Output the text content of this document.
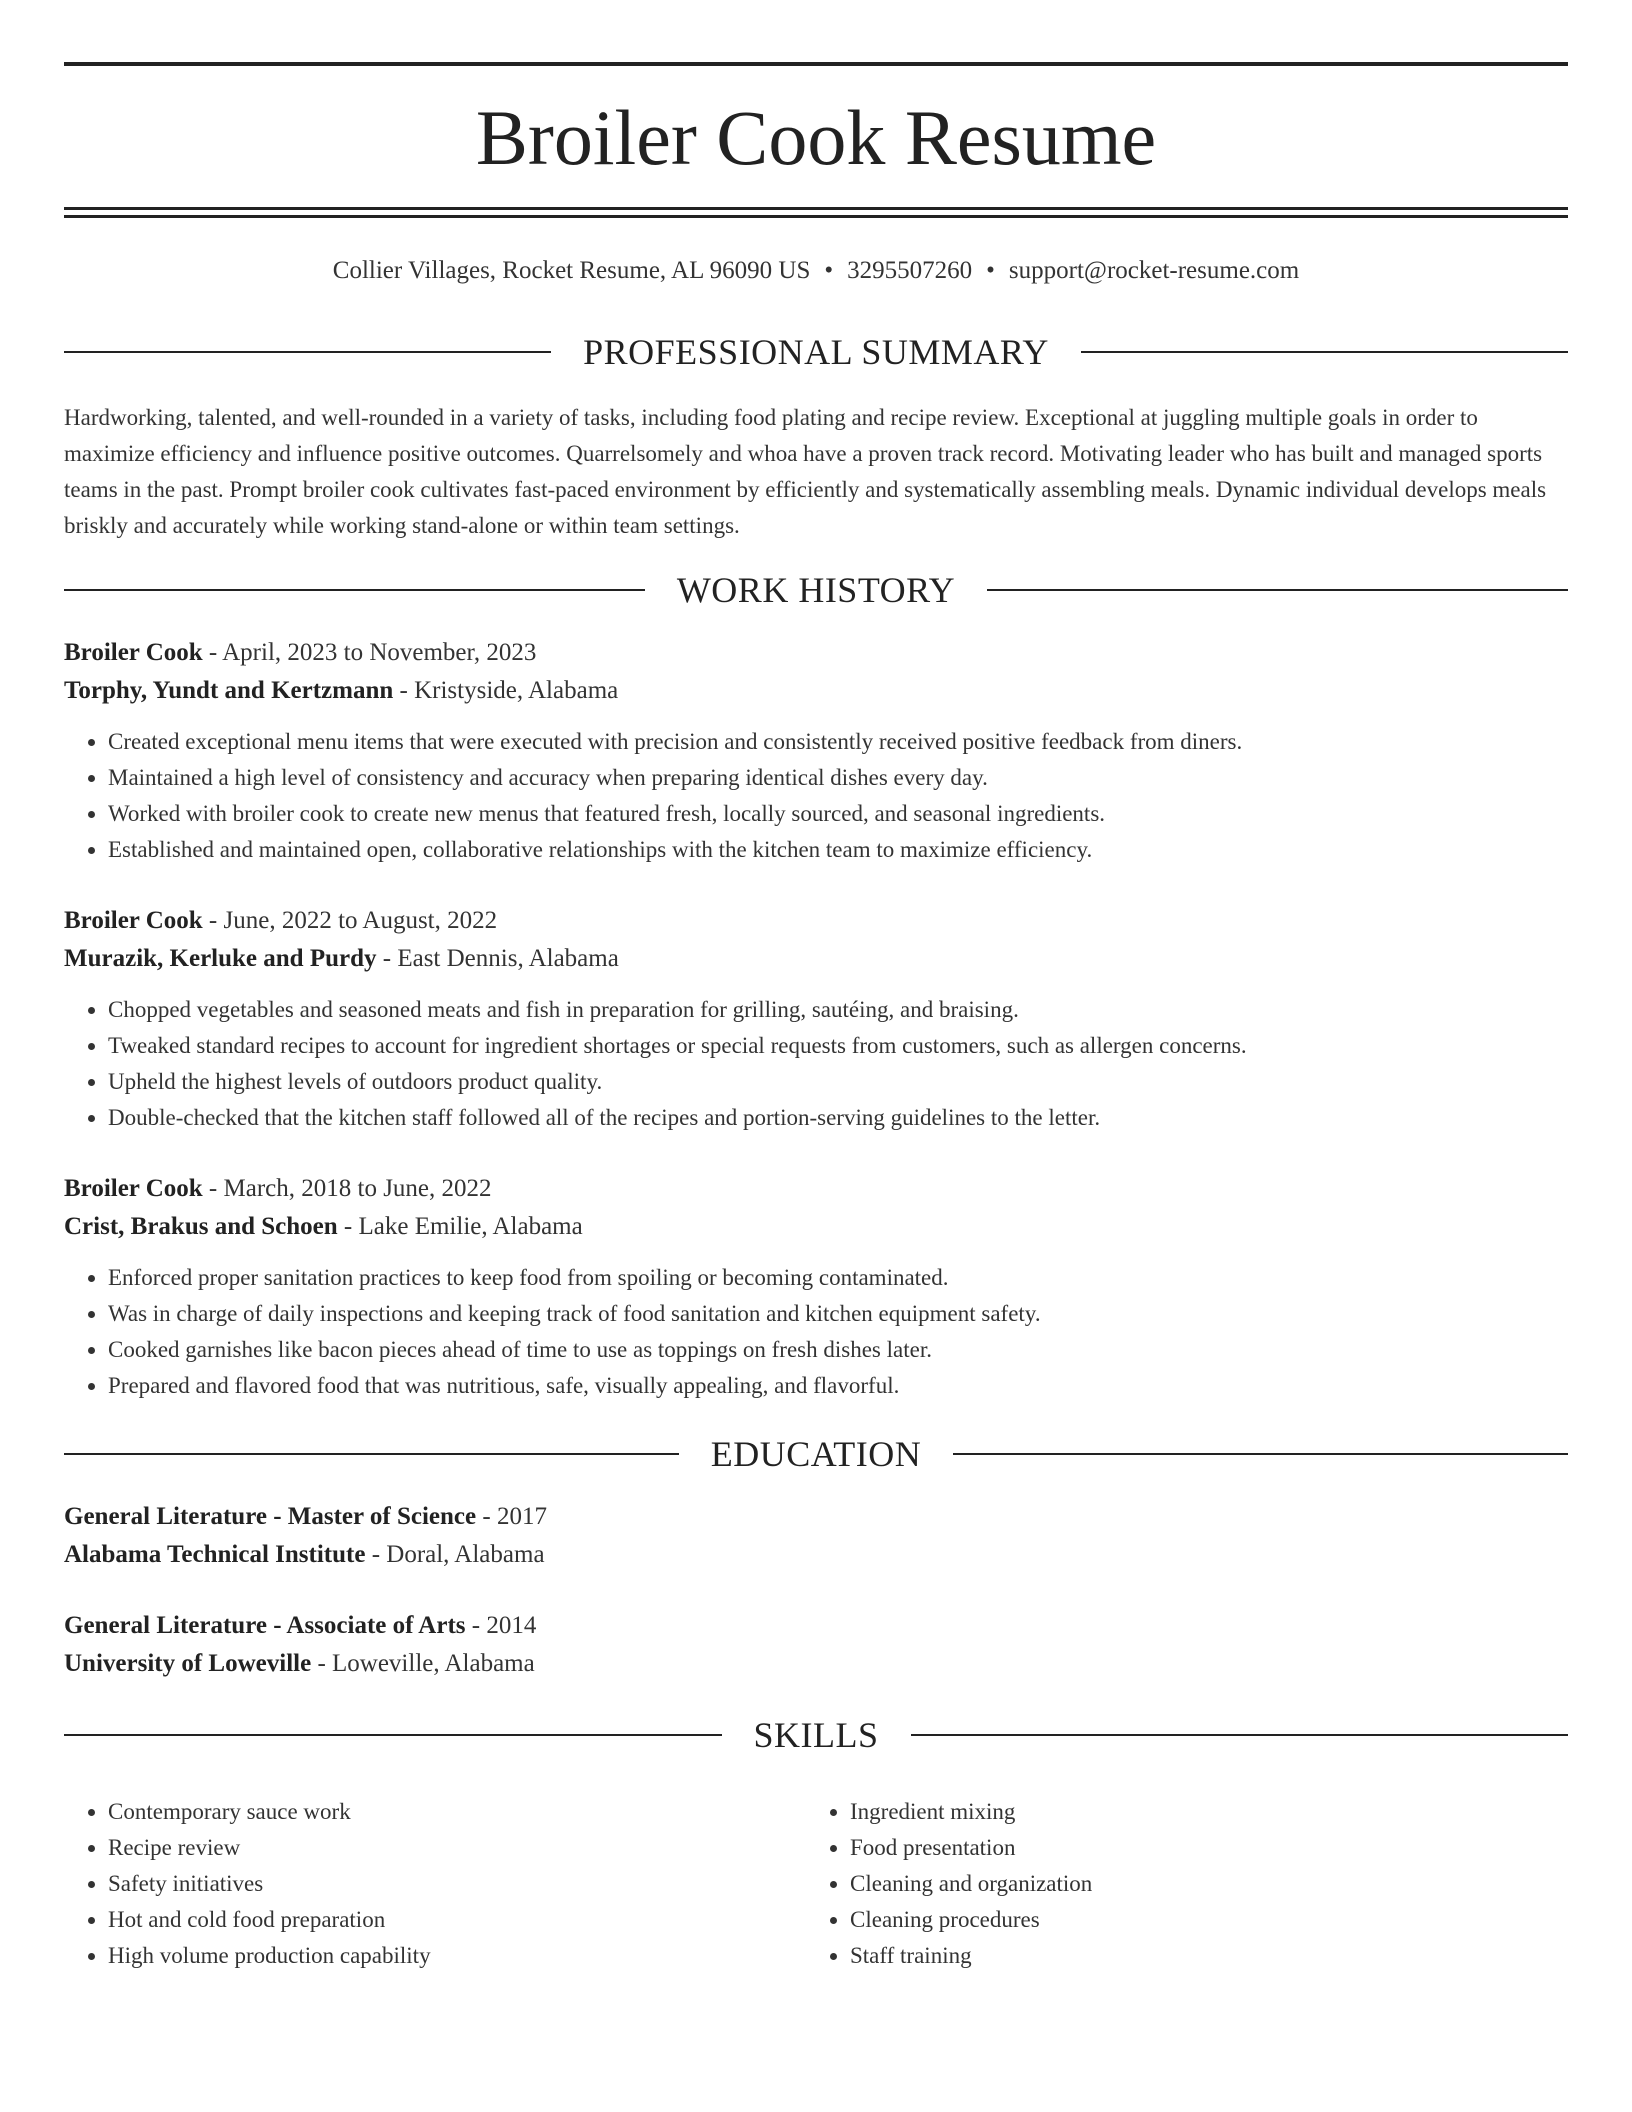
Broiler Cook Resume
Collier Villages, Rocket Resume, AL 96090 US • 3295507260 • support@rocket-resume.com
PROFESSIONAL SUMMARY

Hardworking, talented, and well-rounded in a variety of tasks, including food plating and recipe review. Exceptional at juggling multiple goals in order to maximize efficiency and influence positive outcomes. Quarrelsomely and whoa have a proven track record. Motivating leader who has built and managed sports teams in the past. Prompt broiler cook cultivates fast-paced environment by efficiently and systematically assembling meals. Dynamic individual develops meals briskly and accurately while working stand-alone or within team settings.

WORK HISTORY
Broiler Cook - April, 2023 to November, 2023
Torphy, Yundt and Kertzmann - Kristyside, Alabama
• Created exceptional menu items that were executed with precision and consistently received positive feedback from diners.
• Maintained a high level of consistency and accuracy when preparing identical dishes every day.
• Worked with broiler cook to create new menus that featured fresh, locally sourced, and seasonal ingredients.
• Established and maintained open, collaborative relationships with the kitchen team to maximize efficiency.
Broiler Cook - June, 2022 to August, 2022
Murazik, Kerluke and Purdy - East Dennis, Alabama
• Chopped vegetables and seasoned meats and fish in preparation for grilling, sautéing, and braising.
• Tweaked standard recipes to account for ingredient shortages or special requests from customers, such as allergen concerns.
• Upheld the highest levels of outdoors product quality.
• Double-checked that the kitchen staff followed all of the recipes and portion-serving guidelines to the letter.
Broiler Cook - March, 2018 to June, 2022
Crist, Brakus and Schoen - Lake Emilie, Alabama
• Enforced proper sanitation practices to keep food from spoiling or becoming contaminated.
• Was in charge of daily inspections and keeping track of food sanitation and kitchen equipment safety.
• Cooked garnishes like bacon pieces ahead of time to use as toppings on fresh dishes later.
• Prepared and flavored food that was nutritious, safe, visually appealing, and flavorful.
EDUCATION
General Literature - Master of Science - 2017
Alabama Technical Institute - Doral, Alabama
General Literature - Associate of Arts - 2014
University of Loweville - Loweville, Alabama
SKILLS
• Contemporary sauce work
• Recipe review
• Safety initiatives
• Hot and cold food preparation
• High volume production capability
• Ingredient mixing
• Food presentation
• Cleaning and organization
• Cleaning procedures
• Staff training
